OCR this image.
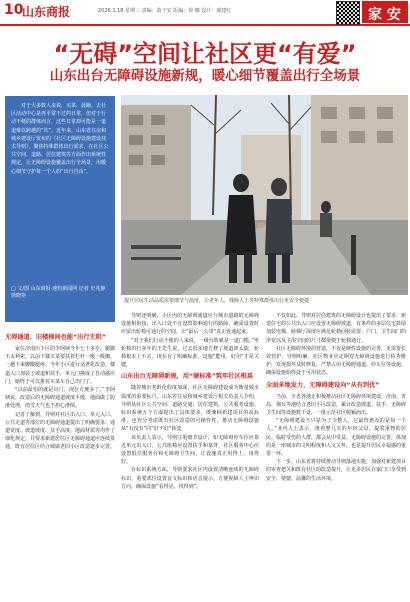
10
山东商报	2026.1.18 星期三 责编：葛子安 版编：徐 娜 设计：郝建红	家 安居
“无碍”空间让社区更“有爱”
山东出台无障碍设施新规，暖心细节覆盖出行全场景

对于大多数人来说，买菜、晨跑、去社区活动中心是再平常不过的日常，但对于行动不便的群体而言，这些日常却可能是一道道难以跨越的“坎”。近年来，山东省住房和城乡建设厅发布的《社区无障碍设施建设技术导则》，聚焦特殊群体出行需求，在社区公共空间、道路、居住建筑等方面作出系统性规定，让无障碍设施覆盖出行全场景，用暖心细节守护每一个人的“出行自由”。

□ 文/图 山东商报·速豹新闻网 记者 史兆静 徐晓艳
提升居民生活品质需要细节与温度，让老年人、残障人士等特殊群体出行更安全便捷
无碍通道，旧楼梯间也能“出行无阻”

家住济南历下区的李阿姨今年七十多岁，腿脚不太利索，以前下楼买菜要扶着栏杆一级一级挪，一趟下来腰酸腿疼。今年小区进行适老化改造，楼道入口加装了坡道和扶手，单元门换成了自动感应门，她终于可以推着买菜车自己出门了。

“以前最怕的就是出门，现在方便多了。”李阿姨说，改造后的无障碍通道坡度平缓，地面做了防滑处理，雨雪天气也不担心滑倒。

记者了解到，导则对社区出入口、单元入口、公共走道等部位的无障碍通道提出了明确要求：通道宽度、坡道坡度、扶手高度、地面材质等均作了细化规定，并要求新建居住区无障碍通道应连续贯通，既有居住区结合城镇老旧小区改造逐步完善。

导则还明确，小区内的无障碍通道应与城市道路的无障碍设施相衔接，出入口处不宜设置影响通行的路障，确需设置时应留出轮椅可通行的空间，让“最后一公里”真正连通起来。

“对于我们行动不便的人来说，一级台阶就是一道门槛。”坐轮椅出行多年的王先生说，过去很多地方修了坡道却太陡，轮椅根本上不去，现在有了明确标准，设施“能用、好用”才是关键。

山东出台无障碍新规，用“硬标准”筑牢社区根基

随着城市老龄化程度加深，社区无障碍建设成为衡量城市温度的重要标尺。山东省住房和城乡建设厅相关负责人介绍，导则从社区公共空间、道路交通、居住建筑、公共服务设施、标识系统五个方面提出了具体要求，既兼顾新建项目的高标准，也充分考虑既有社区改造的可操作性，推动无障碍设施从“有没有”向“好不好”转变。

该负责人表示，导则注重细节设计，如无障碍停车位应靠近单元出入口，公共座椅应设置扶手和靠背，社区服务中心应设置低位服务台和无障碍卫生间，让设施真正用得上、用得好。

在标识系统方面，导则要求社区内设置清晰连续的无障碍标识，重要部位设置盲文标识和语音提示，方便视障人士辨识方向，确保设施“看得见、找得到”。

不仅如此，导则对居住建筑的无障碍设计也提出了要求：新建住宅的公共出入口应设置无障碍坡道，有条件的多层住宅鼓励加装电梯，候梯厅深度应满足轮椅回转需要；户门、卫生间门的净宽以及卫浴空间的尺寸都要便于轮椅通行。

社区无障碍环境的营造，不仅是硬件设施的完善，更需要长效管护。导则明确，社区物业应定期对无障碍设施进行检查维护，发现损坏及时修复，严禁占用无障碍通道、停车位等设施，确保设施始终处于可用状态。

全面多地发力，无障碍建设向“从有到优”

当前，全省各地正积极推动社区无障碍环境建设，济南、青岛、烟台等地结合老旧小区改造，累计改造坡道、扶手、无障碍卫生间等设施数千处，一批示范社区脱颖而出。

“无障碍建设不只是为了少数人，它最终惠及的是每一个人。”业内人士表示，推着婴儿车的年轻父母、提着重物的居民、临时受伤的人群，都会从中受益。无障碍设施的完善，体现的是一座城市的文明程度和人文关怀，也是提升居民幸福感的重要一环。

下一步，山东省将持续推动导则落地实施，加强对新建项目的审查把关和既有社区的改造提升，让更多居民在家门口享受到安全、便捷、温馨的生活环境。
